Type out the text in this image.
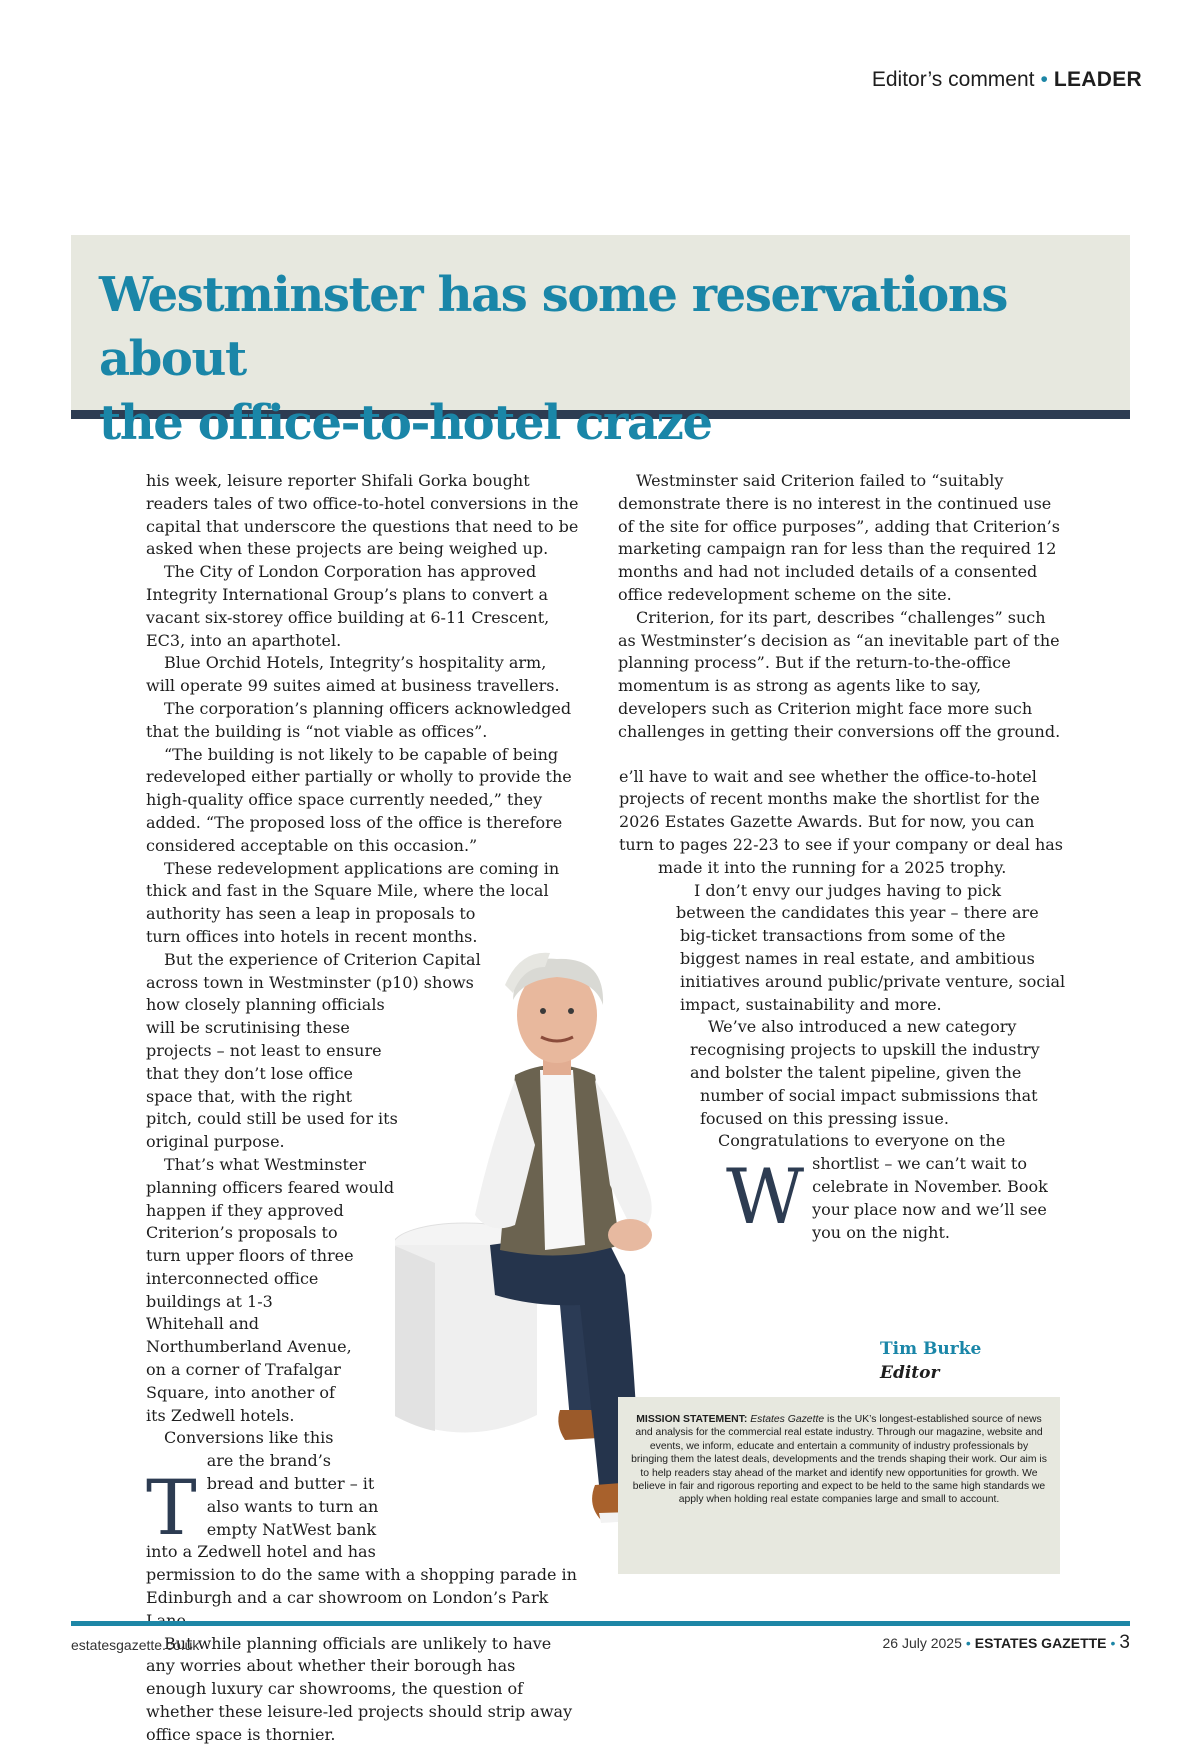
Editor’s comment • LEADER
Westminster has some reservations about
the office-to-hotel craze

T
his week, leisure reporter Shifali Gorka bought readers tales of two office-to-hotel conversions in the capital that underscore the questions that need to be asked when these projects are being weighed up.

The City of London Corporation has approved Integrity International Group’s plans to convert a vacant six-storey office building at 6-11 Crescent, EC3, into an aparthotel.

Blue Orchid Hotels, Integrity’s hospitality arm, will operate 99 suites aimed at business travellers.

The corporation’s planning officers acknowledged that the building is “not viable as offices”.

“The building is not likely to be capable of being redeveloped either partially or wholly to provide the high-quality office space currently needed,” they added. “The proposed loss of the office is therefore considered acceptable on this occasion.”

These redevelopment applications are coming in thick and fast in the Square Mile, where the local authority has seen a leap in proposals to turn offices into hotels in recent months.

But the experience of Criterion Capital across town in Westminster (p10) shows how closely planning officials will be scrutinising these projects – not least to ensure that they don’t lose office space that, with the right pitch, could still be used for its original purpose.

That’s what Westminster planning officers feared would happen if they approved Criterion’s proposals to turn upper floors of three interconnected office buildings at 1-3 Whitehall and Northumberland Avenue, on a corner of Trafalgar Square, into another of its Zedwell hotels.

Conversions like this are the brand’s bread and butter – it also wants to turn an empty NatWest bank into a Zedwell hotel and has permission to do the same with a shopping parade in Edinburgh and a car showroom on London’s Park

But while planning officials are unlikely to have any worries about whether their borough has enough luxury car showrooms, the question of whether these leisure-led projects should strip away office space is thornier.

Westminster said Criterion failed to “suitably demonstrate there is no interest in the continued use of the site for office purposes”, adding that Criterion’s marketing campaign ran for less than the required 12 months and had not included details of a consented office redevelopment scheme on the site.

Criterion, for its part, describes “challenges” such as Westminster’s decision as “an inevitable part of the planning process”. But if the return-to-the-office momentum is as strong as agents like to say, developers such as Criterion might face more such challenges in getting their conversions off the ground.

W
e’ll have to wait and see whether the office-to-hotel projects of recent months make the shortlist for the 2026 Estates Gazette Awards. But for now, you can turn to pages 22-23 to see if your company or deal has made it into the running for a 2025 trophy.

I don’t envy our judges having to pick between the candidates this year – there are big-ticket transactions from some of the biggest names in real estate, and ambitious initiatives around public/private venture, social impact, sustainability and more.

We’ve also introduced a new category recognising projects to upskill the industry and bolster the talent pipeline, given the number of social impact submissions that focused on this pressing issue.

Congratulations to everyone on the shortlist – we can’t wait to celebrate in November. Book your place now and we’ll see you on the night.

Tim Burke
Editor
MISSION STATEMENT: Estates Gazette is the UK’s longest-established source of news and analysis for the commercial real estate industry. Through our magazine, website and events, we inform, educate and entertain a community of industry professionals by bringing them the latest deals, developments and the trends shaping their work. Our aim is to help readers stay ahead of the market and identify new opportunities for growth. We believe in fair and rigorous reporting and expect to be held to the same high standards we apply when holding real estate companies large and small to account.
estatesgazette.co.uk	26 July 2025 • ESTATES GAZETTE • 3
